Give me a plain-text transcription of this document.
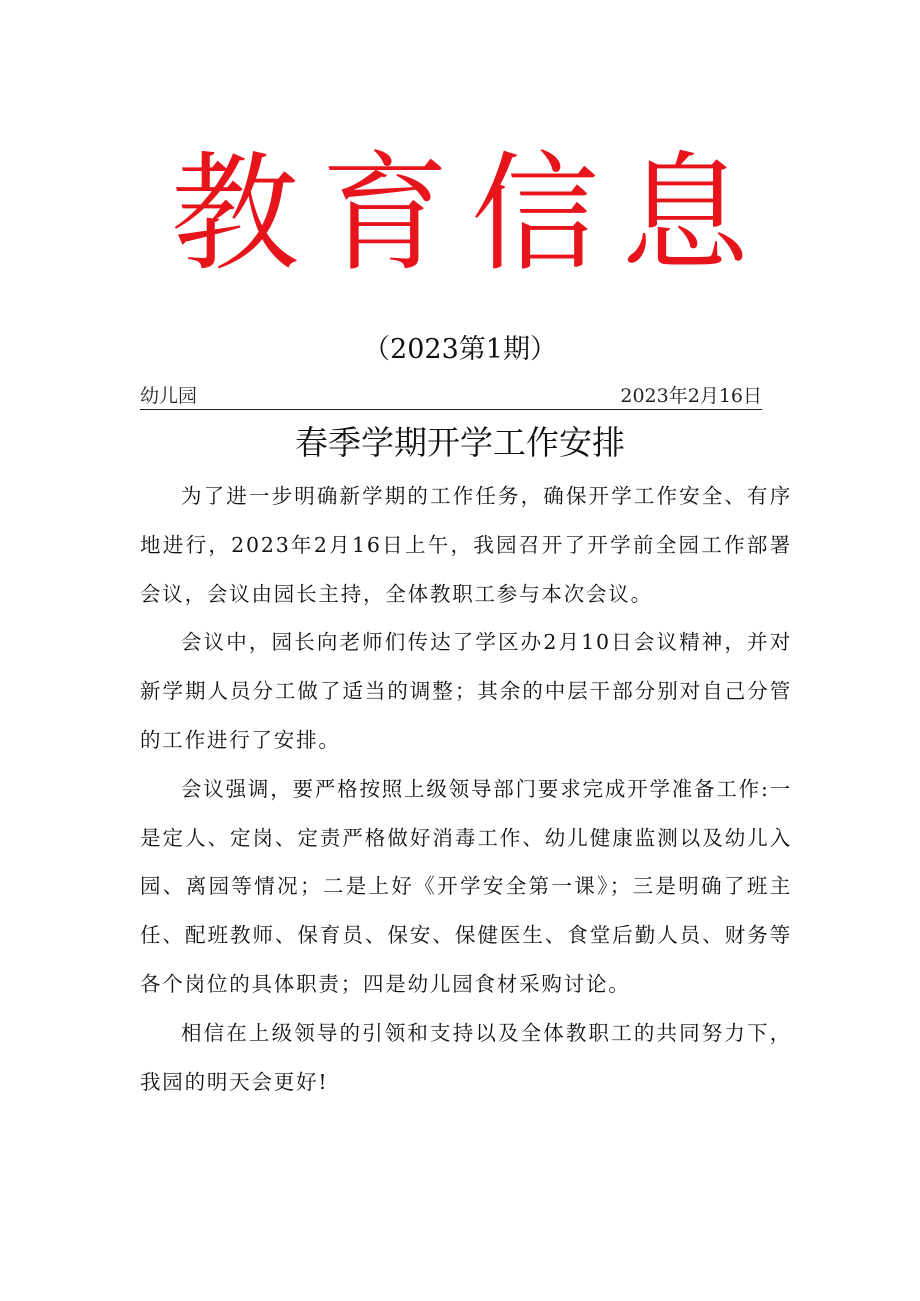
教育信息
（2023第1期）
幼儿园	2023年2月16日
春季学期开学工作安排

为了进一步明确新学期的工作任务，确保开学工作安全、有序地进行，2023年2月16日上午，我园召开了开学前全园工作部署会议，会议由园长主持，全体教职工参与本次会议。

会议中，园长向老师们传达了学区办2月10日会议精神，并对新学期人员分工做了适当的调整；其余的中层干部分别对自己分管的工作进行了安排。

会议强调，要严格按照上级领导部门要求完成开学准备工作:一是定人、定岗、定责严格做好消毒工作、幼儿健康监测以及幼儿入园、离园等情况；二是上好《开学安全第一课》；三是明确了班主任、配班教师、保育员、保安、保健医生、食堂后勤人员、财务等各个岗位的具体职责；四是幼儿园食材采购讨论。

相信在上级领导的引领和支持以及全体教职工的共同努力下，我园的明天会更好!
